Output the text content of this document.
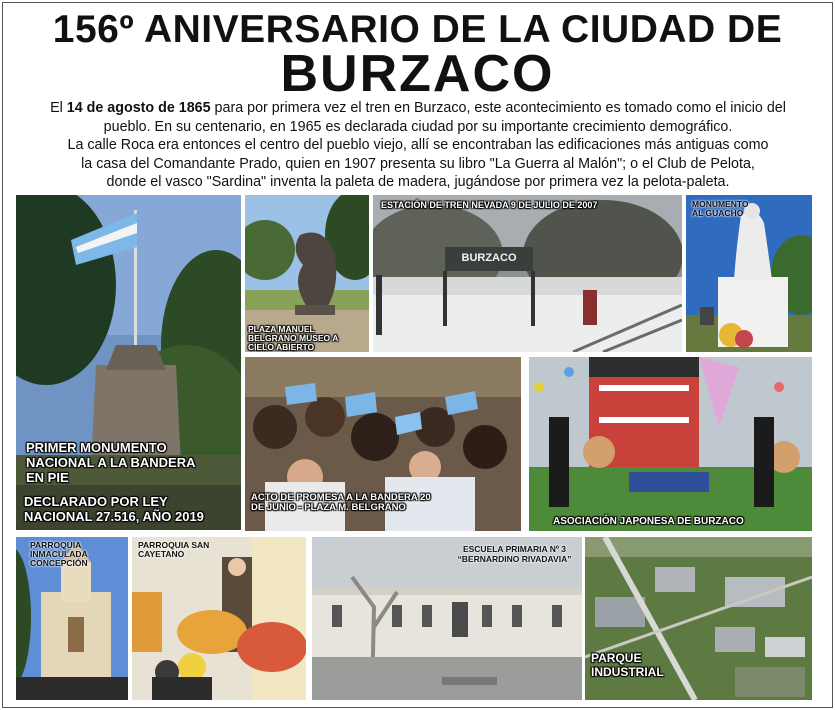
156º ANIVERSARIO DE LA CIUDAD DE
BURZACO
El 14 de agosto de 1865 para por primera vez el tren en Burzaco, este acontecimiento es tomado como el inicio del
pueblo. En su centenario, en 1965 es declarada ciudad por su importante crecimiento demográfico.
La calle Roca era entonces el centro del pueblo viejo, allí se encontraban las edificaciones más antiguas como
la casa del Comandante Prado, quien en 1907 presenta su libro "La Guerra al Malón"; o el Club de Pelota,
donde el vasco "Sardina" inventa la paleta de madera, jugándose por primera vez la pelota-paleta.
PRIMER MONUMENTO NACIONAL A LA BANDERA EN PIE
DECLARADO POR LEY NACIONAL 27.516, AÑO 2019
PLAZA MANUEL BELGRANO MUSEO A CIELO ABIERTO
BURZACO
ESTACIÓN DE TREN NEVADA 9 DE JULIO DE 2007	MONUMENTO AL GUACHO
ACTO DE PROMESA A LA BANDERA 20 DE JUNIO - PLAZA M. BELGRANO
ASOCIACIÓN JAPONESA DE BURZACO
PARROQUIA INMACULADA CONCEPCIÓN
PARROQUIA SAN CAYETANO	ESCUELA PRIMARIA Nº 3
“BERNARDINO RIVADAVIA”
PARQUE INDUSTRIAL
